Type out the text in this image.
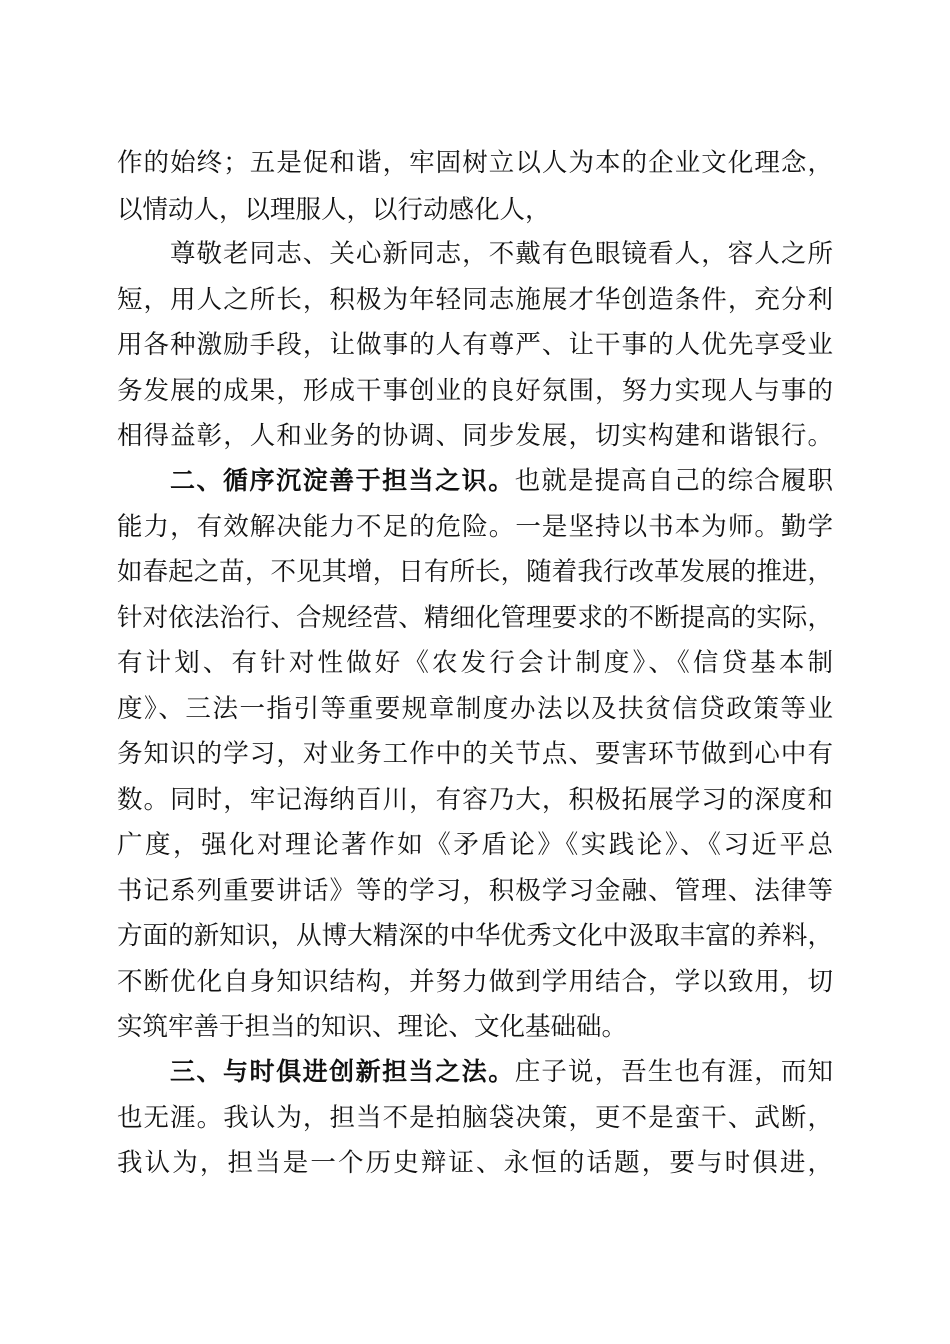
作的始终；五是促和谐，牢固树立以人为本的企业文化理念，
以情动人，以理服人，以行动感化人，
尊敬老同志、关心新同志，不戴有色眼镜看人，容人之所
短，用人之所长，积极为年轻同志施展才华创造条件，充分利
用各种激励手段，让做事的人有尊严、让干事的人优先享受业
务发展的成果，形成干事创业的良好氛围，努力实现人与事的
相得益彰，人和业务的协调、同步发展，切实构建和谐银行。
二、循序沉淀善于担当之识。也就是提高自己的综合履职
能力，有效解决能力不足的危险。一是坚持以书本为师。勤学
如春起之苗，不见其增，日有所长，随着我行改革发展的推进，
针对依法治行、合规经营、精细化管理要求的不断提高的实际，
有计划、有针对性做好《农发行会计制度》、《信贷基本制
度》、三法一指引等重要规章制度办法以及扶贫信贷政策等业
务知识的学习，对业务工作中的关节点、要害环节做到心中有
数。同时，牢记海纳百川，有容乃大，积极拓展学习的深度和
广度，强化对理论著作如《矛盾论》《实践论》、《习近平总
书记系列重要讲话》等的学习，积极学习金融、管理、法律等
方面的新知识，从博大精深的中华优秀文化中汲取丰富的养料，
不断优化自身知识结构，并努力做到学用结合，学以致用，切
实筑牢善于担当的知识、理论、文化基础础。
三、与时俱进创新担当之法。庄子说，吾生也有涯，而知
也无涯。我认为，担当不是拍脑袋决策，更不是蛮干、武断，
我认为，担当是一个历史辩证、永恒的话题，要与时俱进，
